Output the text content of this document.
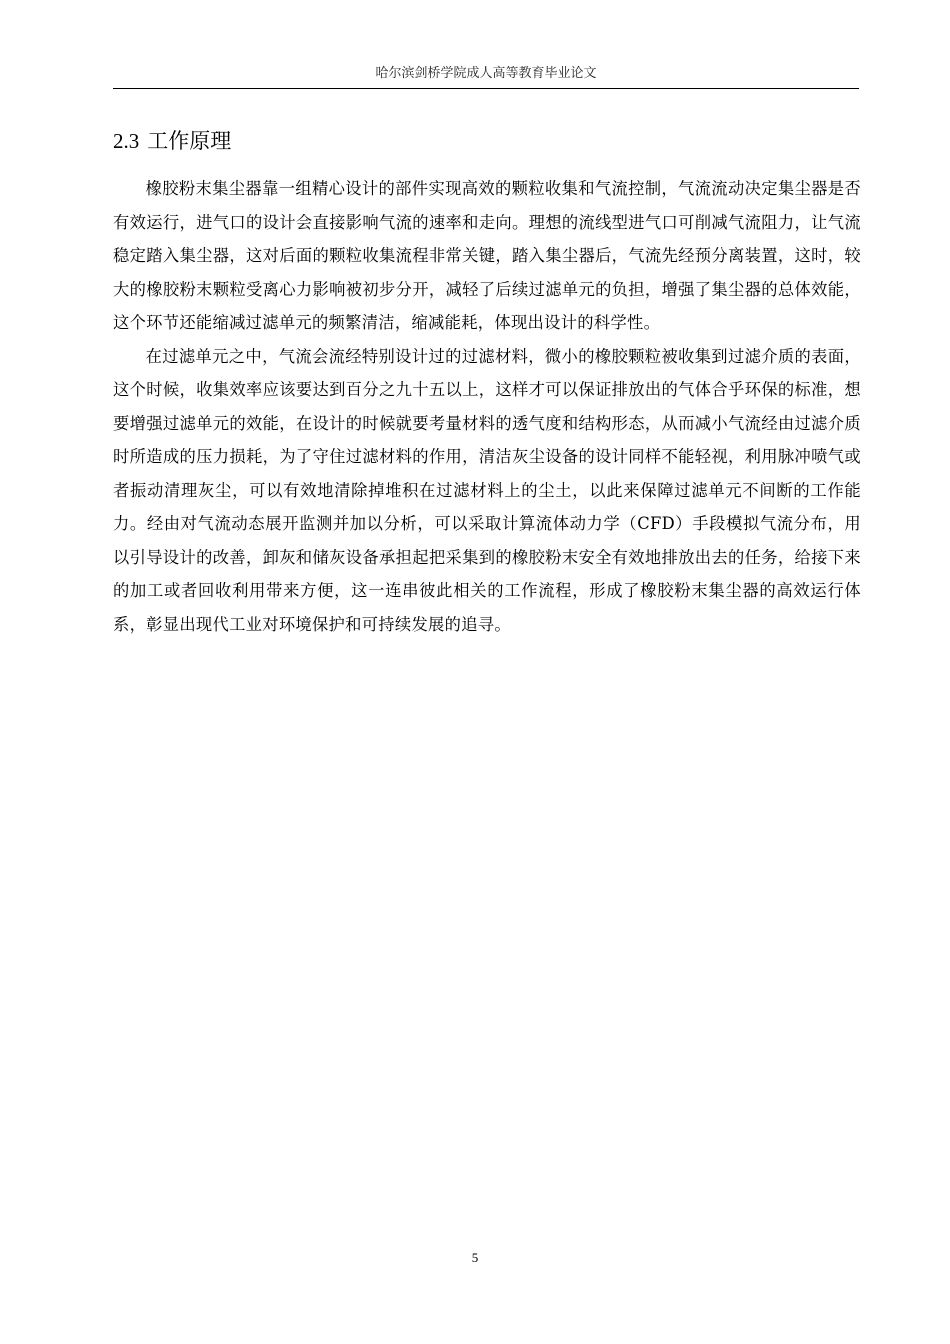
哈尔滨剑桥学院成人高等教育毕业论文
2.3 工作原理

橡胶粉末集尘器靠一组精心设计的部件实现高效的颗粒收集和气流控制，气流流动决定集尘器是否有效运行，进气口的设计会直接影响气流的速率和走向。理想的流线型进气口可削减气流阻力，让气流稳定踏入集尘器，这对后面的颗粒收集流程非常关键，踏入集尘器后，气流先经预分离装置，这时，较大的橡胶粉末颗粒受离心力影响被初步分开，减轻了后续过滤单元的负担，增强了集尘器的总体效能，这个环节还能缩减过滤单元的频繁清洁，缩减能耗，体现出设计的科学性。

在过滤单元之中，气流会流经特别设计过的过滤材料，微小的橡胶颗粒被收集到过滤介质的表面，这个时候，收集效率应该要达到百分之九十五以上，这样才可以保证排放出的气体合乎环保的标准，想要增强过滤单元的效能，在设计的时候就要考量材料的透气度和结构形态，从而减小气流经由过滤介质时所造成的压力损耗，为了守住过滤材料的作用，清洁灰尘设备的设计同样不能轻视，利用脉冲喷气或者振动清理灰尘，可以有效地清除掉堆积在过滤材料上的尘土，以此来保障过滤单元不间断的工作能力。经由对气流动态展开监测并加以分析，可以采取计算流体动力学（CFD）手段模拟气流分布，用以引导设计的改善，卸灰和储灰设备承担起把采集到的橡胶粉末安全有效地排放出去的任务，给接下来的加工或者回收利用带来方便，这一连串彼此相关的工作流程，形成了橡胶粉末集尘器的高效运行体系，彰显出现代工业对环境保护和可持续发展的追寻。

5
